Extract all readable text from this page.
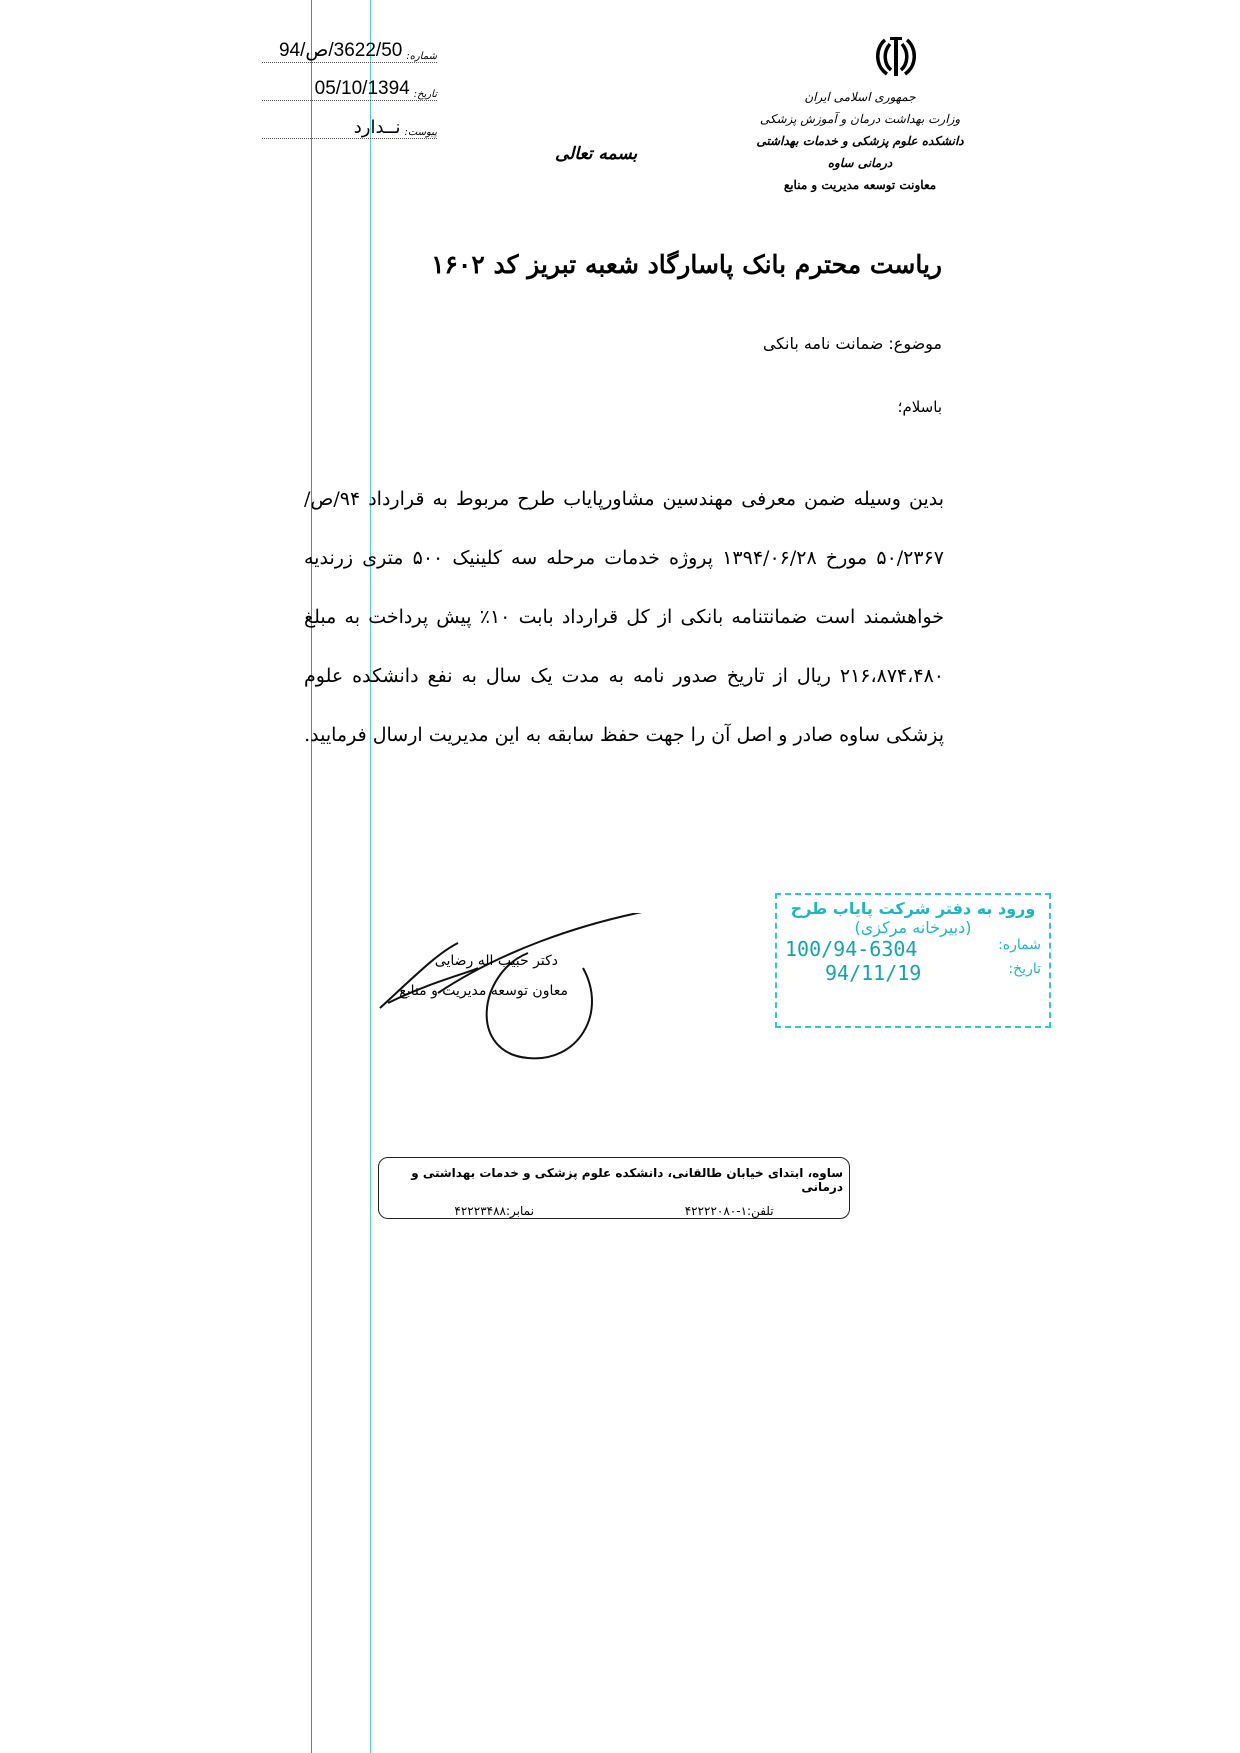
شماره:
3622/50/ص/94
تاریخ:
05/10/1394
پیوست:
نــدارد
بسمه تعالی
جمهوری اسلامی ایران
وزارت بهداشت درمان و آموزش پزشکی
دانشکده علوم پزشکی و خدمات بهداشتی درمانی ساوه
معاونت توسعه مدیریت و منابع
ریاست محترم بانک پاسارگاد شعبه تبریز کد ۱۶۰۲
موضوع: ضمانت نامه بانکی
باسلام؛
بدین وسیله ضمن معرفی مهندسین مشاورپایاب طرح مربوط به قرارداد ۹۴/ص/۵۰/۲۳۶۷ مورخ ۱۳۹۴/۰۶/۲۸ پروژه خدمات مرحله سه کلینیک ۵۰۰ متری زرندیه خواهشمند است ضمانتنامه بانکی از کل قرارداد بابت ۱۰٪ پیش پرداخت به مبلغ ۲۱۶،۸۷۴،۴۸۰ ریال از تاریخ صدور نامه به مدت یک سال به نفع دانشکده علوم پزشکی ساوه صادر و اصل آن را جهت حفظ سابقه به این مدیریت ارسال فرمایید.
دکتر حبیب اله رضایی
معاون توسعه مدیریت و منابع
ورود به دفتر شرکت پایاب طرح
(دبیرخانه مرکزی)
شماره:
100/94-6304
تاریخ:
94/11/19
ساوه، ابتدای خیابان طالقانی، دانشکده علوم پزشکی و خدمات بهداشتی و درمانی
تلفن:۱-۴۲۲۲۲۰۸۰
نمابر:۴۲۲۲۳۴۸۸
